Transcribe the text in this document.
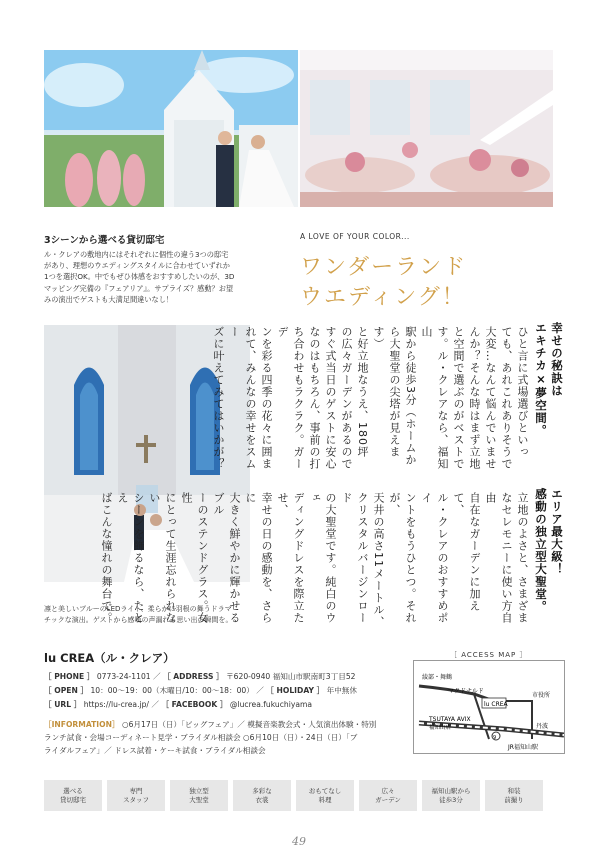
3シーンから選べる貸切邸宅
ル・クレアの敷地内にはそれぞれに個性の違う3つの邸宅
があり、理想のウエディングスタイルに合わせていずれか
1つを選択OK。中でもぜひ体感をおすすめしたいのが、3D
マッピング完備の『フェアリア』。サプライズ？感動？お望
みの演出でゲストも大満足間違いなし！
凛と美しいブルーのLEDライト、柔らかに羽根の舞うドラマ
チックな演出。ゲストから感嘆の声漏れる思い出の瞬間を。
A LOVE OF YOUR COLOR...
ワンダーランド
ウエディング！
幸せの秘訣は
エキチカ×夢空間。
ひと言に式場選びといっ
ても、あれこれありそうで
大変…なんて悩んでいませ
んか？そんな時はまず立地
と空間で選ぶのがベストで
す。ル・クレアなら、福知山
駅から徒歩3分（ホームか
ら大聖堂の尖塔が見えます）
と好立地なうえ、180坪
の広々ガーデンがあるので
すぐ式当日のゲストに安心
なのはもちろん、事前の打
ち合わせもラクラク。ガーデ
ンを彩る四季の花々に囲ま
れて、みんなの幸せをスムー
ズに叶えてみてはいかが？
エリア最大級！
感動の独立型大聖堂。
立地のよさと、さまざま
なセレモニーに使い方自由
自在なガーデンに加えて、
ル・クレアのおすすめポイ
ントをもうひとつ。それが、
天井の高さ11メートル、
クリスタルバージンロード
の大聖堂です。純白のウェ
ディングドレスを際立たせ、
幸せの日の感動を、さらに
大きく鮮やかに輝かせるブル
ーのステンドグラス。女性
にとって生涯忘れられない
シーンを飾るなら、たとえ
ばこんな憧れの舞台で。
lu CREA（ル・クレア）
［ PHONE ］ 0773-24-1101 ／ ［ ADDRESS ］ 〒620-0940 福知山市駅南町3丁目52
［ OPEN ］ 10：00～19：00（木曜日/10：00～18：00） ／ ［ HOLIDAY ］ 年中無休
［ URL ］ https://lu-crea.jp/ ／ ［ FACEBOOK ］ @lucrea.fukuchiyama
［INFORMATION］ ○6月17日（日）「ビッグフェア」／ 模擬音楽教会式・人気演出体験・特別
ランチ試食・会場コーディネート見学・ブライダル相談会 ○6月10日（日）・24日（日）「ブ
ライダルフェア」／ ドレス試着・ケーキ試食・ブライダル相談会
［ ACCESS MAP ］
lu CREA
綾部・舞鶴
マクドナルド
市役所
TSUTAYA AVIX
福知山店
9
丹波
JR福知山駅
選べる
貸切邸宅
専門
スタッフ
独立型
大聖堂
多彩な
衣裳
おもてなし
料理
広々
ガーデン
福知山駅から
徒歩3分
和装
前撮り
49
